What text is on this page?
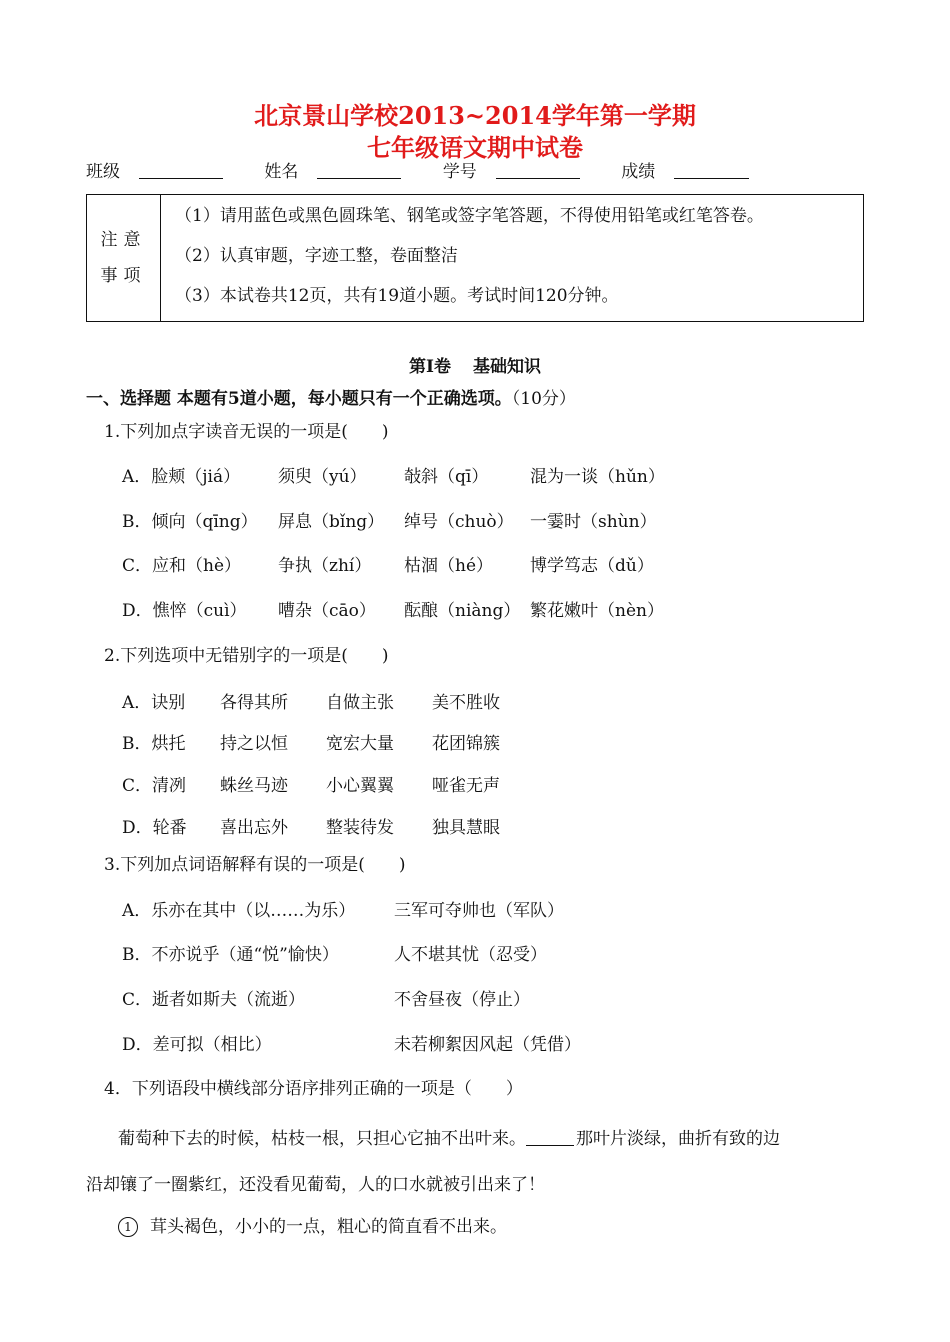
北京景山学校2013~2014学年第一学期
七年级语文期中试卷
班级	姓名	学号	成绩
注意
事项
（1）请用蓝色或黑色圆珠笔、钢笔或签字笔答题，不得使用铅笔或红笔答卷。
（2）认真审题，字迹工整，卷面整洁
（3）本试卷共12页，共有19道小题。考试时间120分钟。
第Ⅰ卷 基础知识
一、选择题 本题有5道小题，每小题只有一个正确选项。（10分）
1.下列加点字读音无误的一项是(　　)
A．脸颊（jiá） 须臾（yú） 敧斜（qī） 混为一谈（hǔn）
B．倾向（qīng） 屏息（bǐng） 绰号（chuò） 一霎时（shùn）
C．应和（hè） 争执（zhí） 枯涸（hé） 博学笃志（dǔ）
D．憔悴（cuì） 嘈杂（cāo） 酝酿（niàng） 繁花嫩叶（nèn）
2.下列选项中无错别字的一项是(　　)
A．诀别 各得其所 自做主张 美不胜收
B．烘托 持之以恒 宽宏大量 花团锦簇
C．清冽 蛛丝马迹 小心翼翼 哑雀无声
D．轮番 喜出忘外 整装待发 独具慧眼
3.下列加点词语解释有误的一项是(　　)
A．乐亦在其中（以……为乐） 三军可夺帅也（军队）
B．不亦说乎（通“悦”愉快）	人不堪其忧（忍受）
C．逝者如斯夫（流逝）	不舍昼夜（停止）
D．差可拟（相比）	未若柳絮因风起（凭借）
4．下列语段中横线部分语序排列正确的一项是（　　）
葡萄种下去的时候，枯枝一根，只担心它抽不出叶来。	那叶片淡绿，曲折有致的边
沿却镶了一圈紫红，还没看见葡萄，人的口水就被引出来了！
1 茸头褐色，小小的一点，粗心的简直看不出来。
